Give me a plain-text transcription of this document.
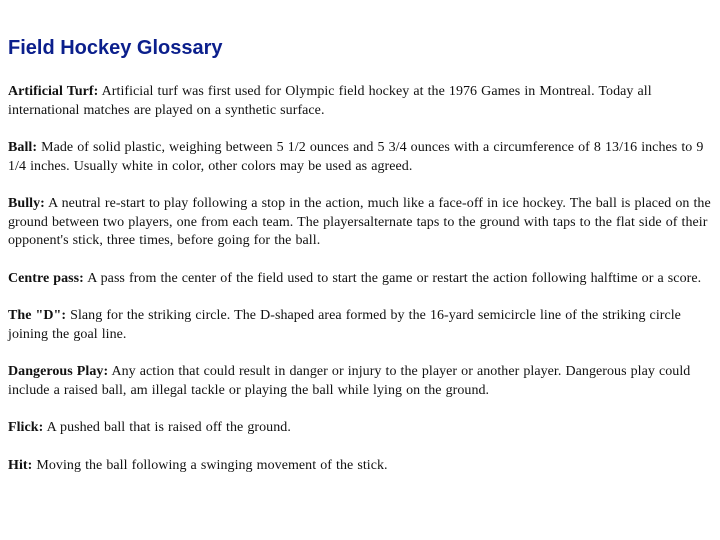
Field Hockey Glossary

Artificial Turf: Artificial turf was first used for Olympic field hockey at the 1976 Games in Montreal. Today all international matches are played on a synthetic surface.

Ball: Made of solid plastic, weighing between 5 1/2 ounces and 5 3/4 ounces with a circumference of 8 13/16 inches to 9 1/4 inches. Usually white in color, other colors may be used as agreed.

Bully: A neutral re-start to play following a stop in the action, much like a face-off in ice hockey. The ball is placed on the ground between two players, one from each team. The playersalternate taps to the ground with taps to the flat side of their opponent's stick, three times, before going for the ball.

Centre pass: A pass from the center of the field used to start the game or restart the action following halftime or a score.

The "D": Slang for the striking circle. The D-shaped area formed by the 16-yard semicircle line of the striking circle joining the goal line.

Dangerous Play: Any action that could result in danger or injury to the player or another player. Dangerous play could include a raised ball, am illegal tackle or playing the ball while lying on the ground.

Flick: A pushed ball that is raised off the ground.

Hit: Moving the ball following a swinging movement of the stick.
